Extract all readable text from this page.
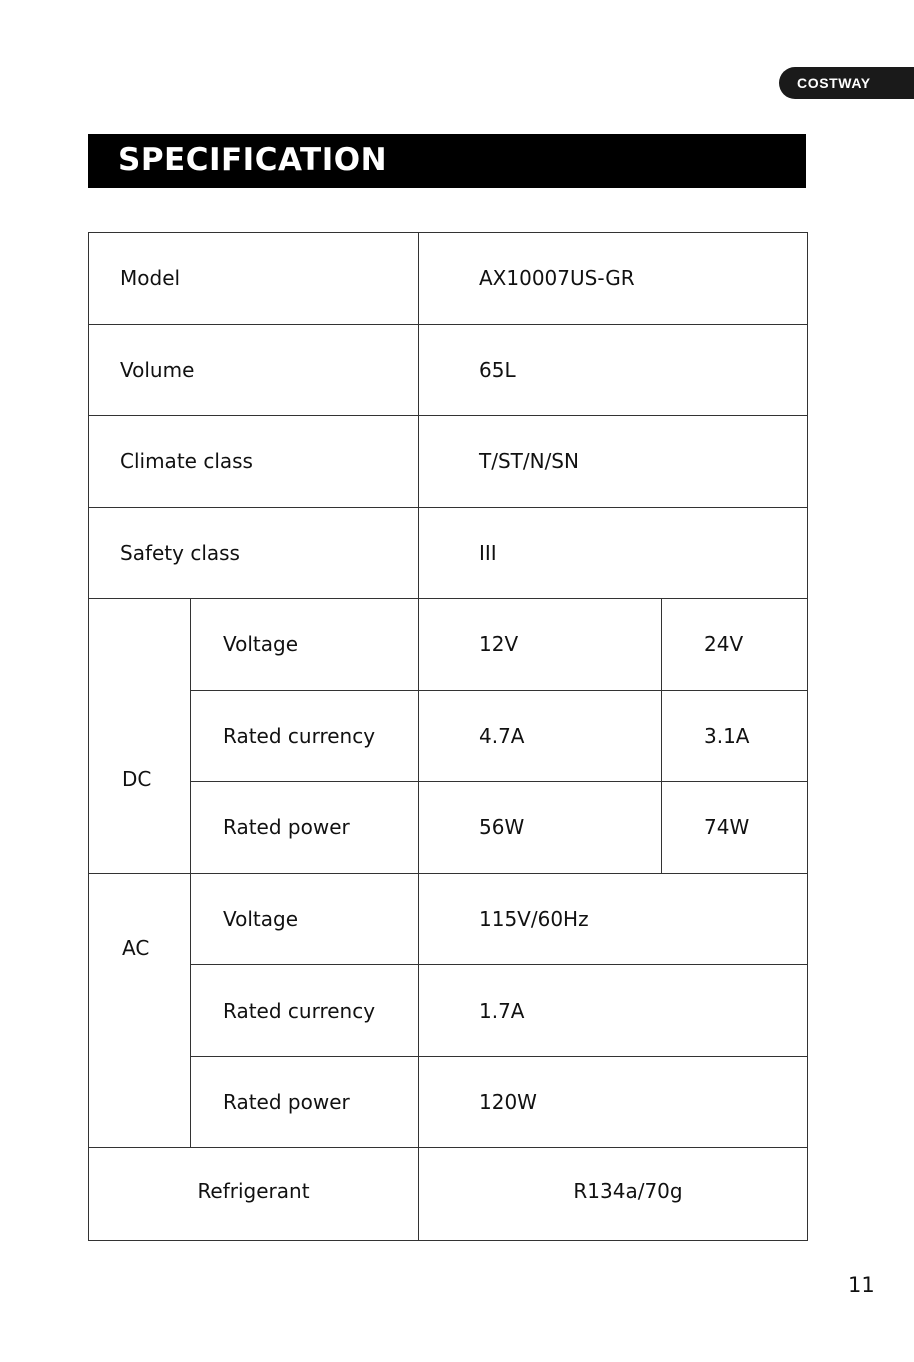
COSTWAY
SPECIFICATION
Model		AX10007US-GR	
Volume		65L	
Climate class		T/ST/N/SN	
Safety class		III	
DC	Voltage	12V	24V
	Rated currency	4.7A	3.1A
	Rated power	56W	74W
AC	Voltage	115V/60Hz	
	Rated currency	1.7A	
	Rated power	120W	
Refrigerant		R134a/70g	
11
